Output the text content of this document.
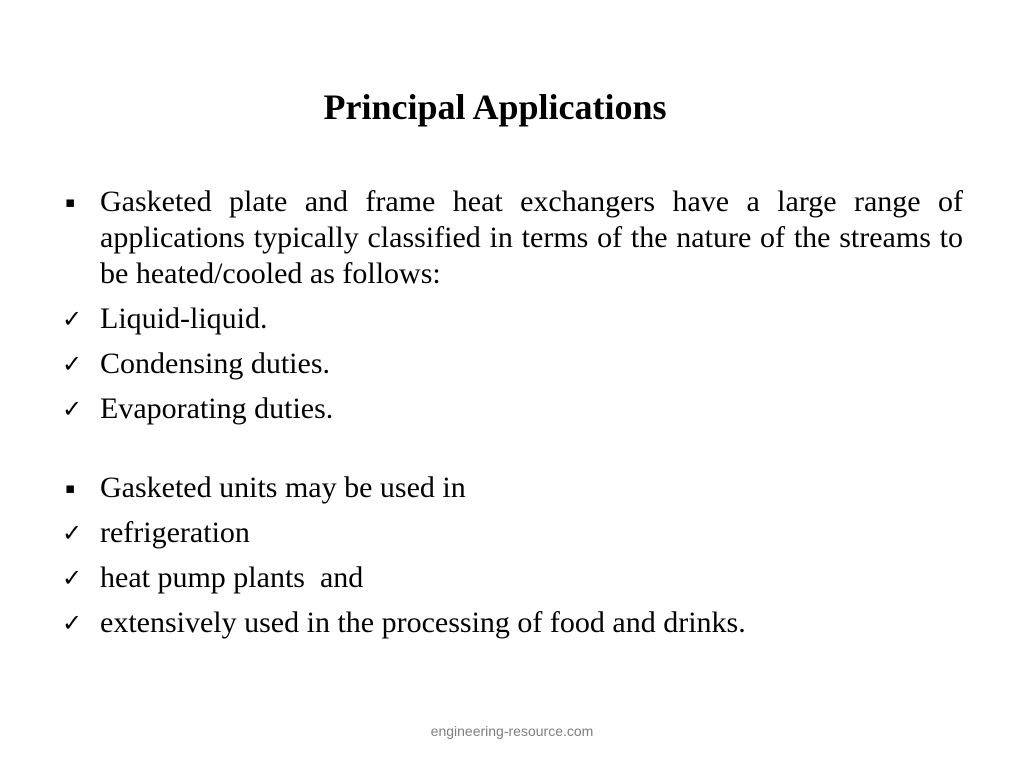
Principal Applications
▪ Gasketed plate and frame heat exchangers have a large range of applications typically classified in terms of the nature of the streams to be heated/cooled as follows:
✓ Liquid-liquid.
✓ Condensing duties.
✓ Evaporating duties.
▪ Gasketed units may be used in
✓ refrigeration
✓ heat pump plants  and
✓ extensively used in the processing of food and drinks.
engineering-resource.com
